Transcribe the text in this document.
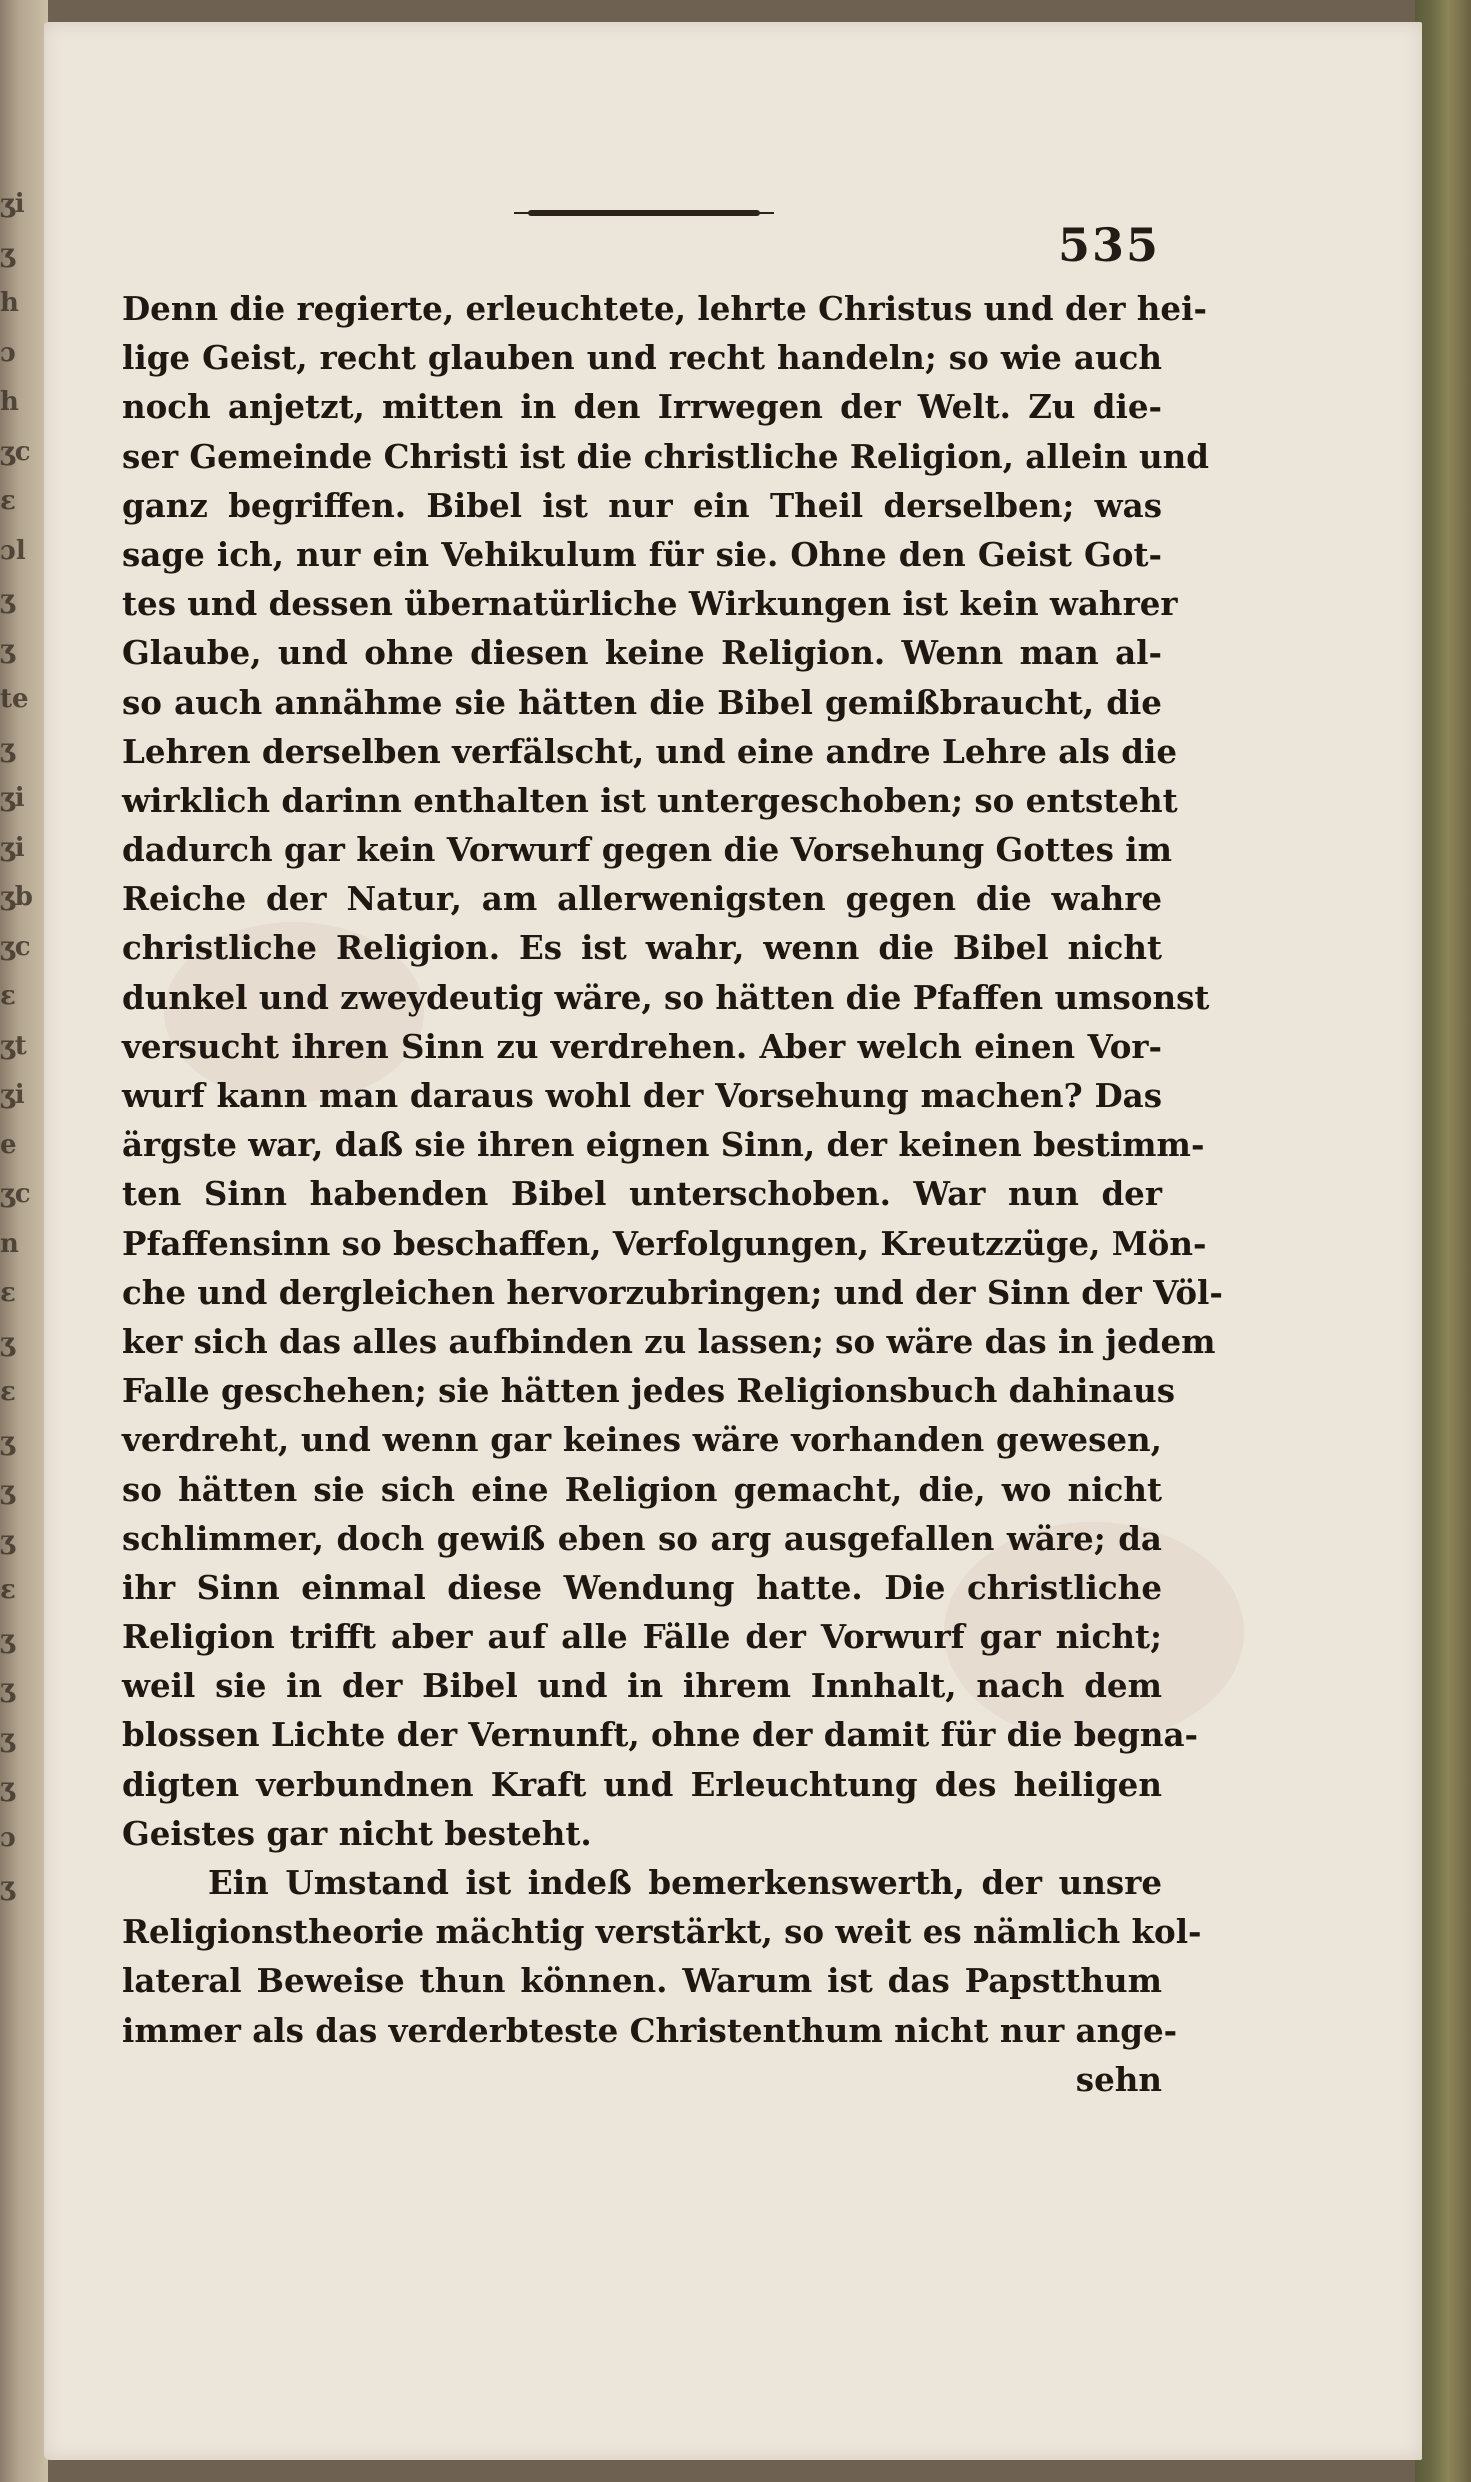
ʒi
ʒ
h
ɔ
h
ʒc
ɛ
ɔl
ʒ
ʒ
te
ʒ
ʒi
ʒi
ʒb
ʒc
ɛ
ʒt
ʒi
e
ʒc
n
ɛ
ʒ
ɛ
ʒ
ʒ
ʒ
ɛ
ʒ
ʒ
ʒ
ʒ
ɔ
ʒ
535
Denn die regierte, erleuchtete, lehrte Christus und der hei-
lige Geist, recht glauben und recht handeln; so wie auch
noch anjetzt, mitten in den Irrwegen der Welt. Zu die-
ser Gemeinde Christi ist die christliche Religion, allein und
ganz begriffen. Bibel ist nur ein Theil derselben; was
sage ich, nur ein Vehikulum für sie. Ohne den Geist Got-
tes und dessen übernatürliche Wirkungen ist kein wahrer
Glaube, und ohne diesen keine Religion. Wenn man al-
so auch annähme sie hätten die Bibel gemißbraucht, die
Lehren derselben verfälscht, und eine andre Lehre als die
wirklich darinn enthalten ist untergeschoben; so entsteht
dadurch gar kein Vorwurf gegen die Vorsehung Gottes im
Reiche der Natur, am allerwenigsten gegen die wahre
christliche Religion. Es ist wahr, wenn die Bibel nicht
dunkel und zweydeutig wäre, so hätten die Pfaffen umsonst
versucht ihren Sinn zu verdrehen. Aber welch einen Vor-
wurf kann man daraus wohl der Vorsehung machen? Das
ärgste war, daß sie ihren eignen Sinn, der keinen bestimm-
ten Sinn habenden Bibel unterschoben. War nun der
Pfaffensinn so beschaffen, Verfolgungen, Kreutzzüge, Mön-
che und dergleichen hervorzubringen; und der Sinn der Völ-
ker sich das alles aufbinden zu lassen; so wäre das in jedem
Falle geschehen; sie hätten jedes Religionsbuch dahinaus
verdreht, und wenn gar keines wäre vorhanden gewesen,
so hätten sie sich eine Religion gemacht, die, wo nicht
schlimmer, doch gewiß eben so arg ausgefallen wäre; da
ihr Sinn einmal diese Wendung hatte. Die christliche
Religion trifft aber auf alle Fälle der Vorwurf gar nicht;
weil sie in der Bibel und in ihrem Innhalt, nach dem
blossen Lichte der Vernunft, ohne der damit für die begna-
digten verbundnen Kraft und Erleuchtung des heiligen
Geistes gar nicht besteht.
Ein Umstand ist indeß bemerkenswerth, der unsre
Religionstheorie mächtig verstärkt, so weit es nämlich kol-
lateral Beweise thun können. Warum ist das Papstthum
immer als das verderbteste Christenthum nicht nur ange-
sehn
